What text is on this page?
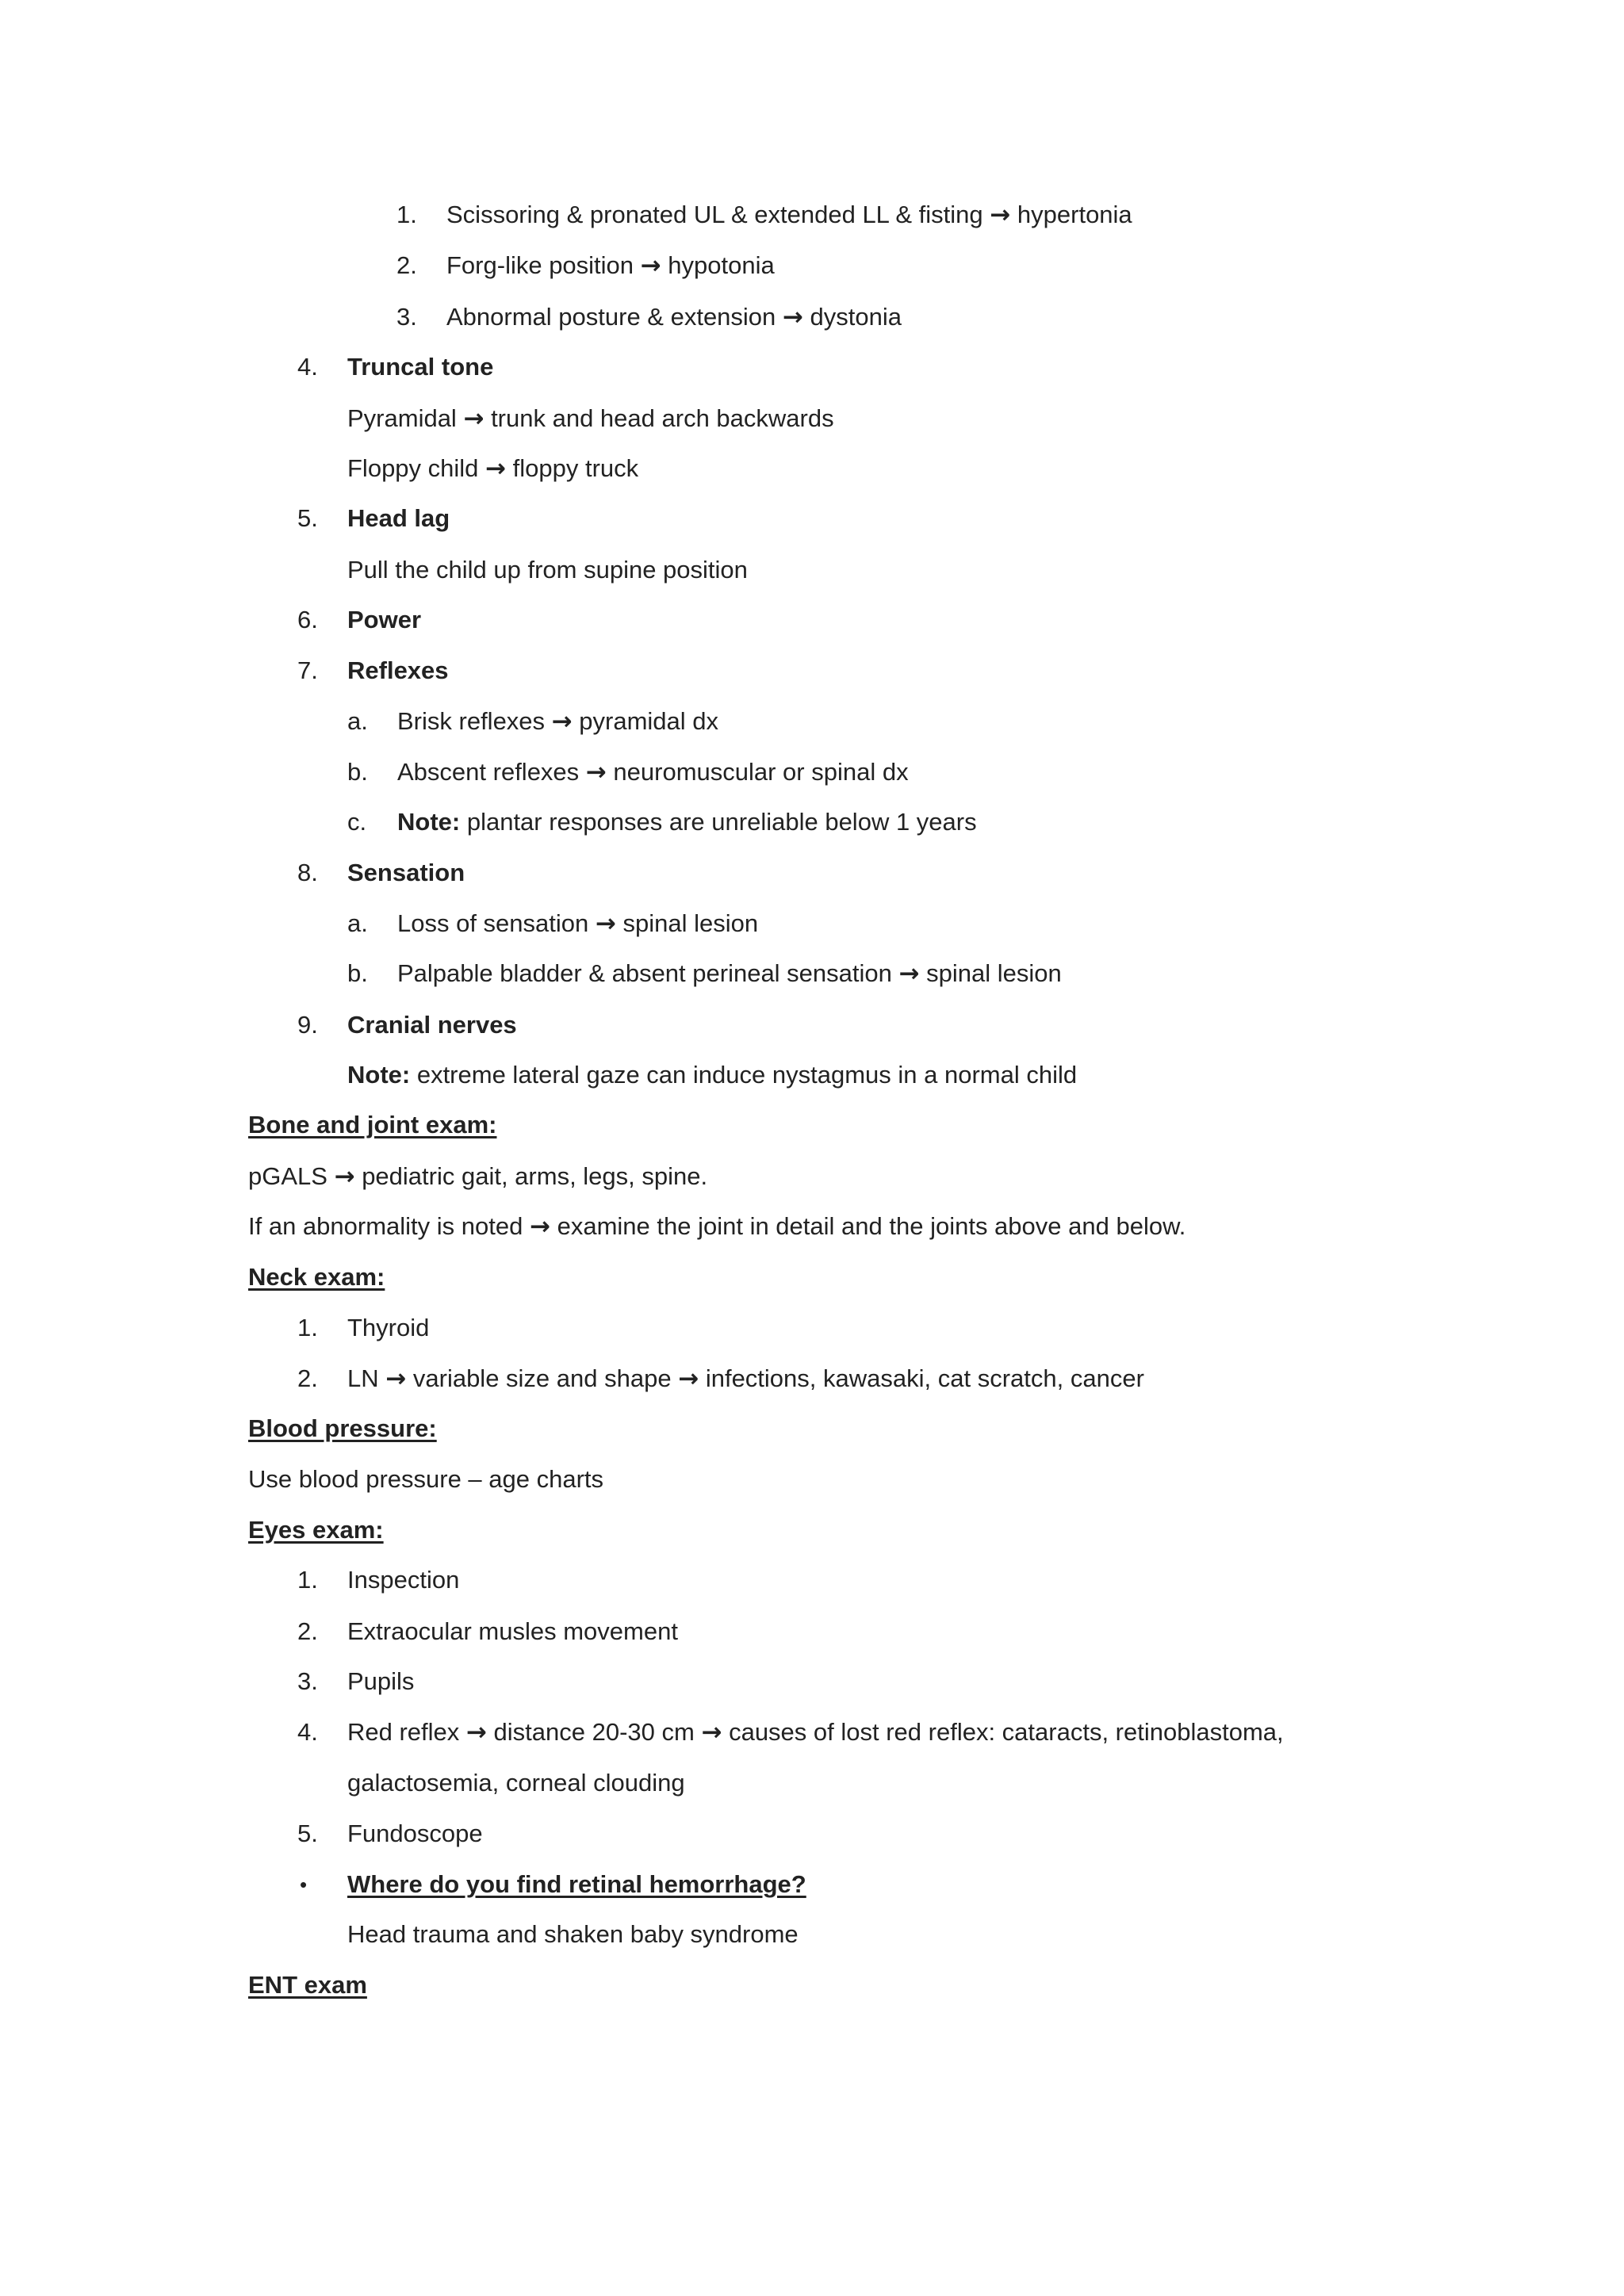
1. Scissoring & pronated UL & extended LL & fisting → hypertonia
2. Forg-like position → hypotonia
3. Abnormal posture & extension → dystonia
4. Truncal tone
Pyramidal → trunk and head arch backwards
Floppy child → floppy truck
5. Head lag
Pull the child up from supine position
6. Power
7. Reflexes
a. Brisk reflexes → pyramidal dx
b. Abscent reflexes → neuromuscular or spinal dx
c. Note: plantar responses are unreliable below 1 years
8. Sensation
a. Loss of sensation → spinal lesion
b. Palpable bladder & absent perineal sensation → spinal lesion
9. Cranial nerves
Note: extreme lateral gaze can induce nystagmus in a normal child
Bone and joint exam:
pGALS → pediatric gait, arms, legs, spine.
If an abnormality is noted → examine the joint in detail and the joints above and below.
Neck exam:
1. Thyroid
2. LN → variable size and shape → infections, kawasaki, cat scratch, cancer
Blood pressure:
Use blood pressure – age charts
Eyes exam:
1. Inspection
2. Extraocular musles movement
3. Pupils
4. Red reflex → distance 20-30 cm → causes of lost red reflex: cataracts, retinoblastoma,
galactosemia, corneal clouding
5. Fundoscope
• Where do you find retinal hemorrhage?
Head trauma and shaken baby syndrome
ENT exam
